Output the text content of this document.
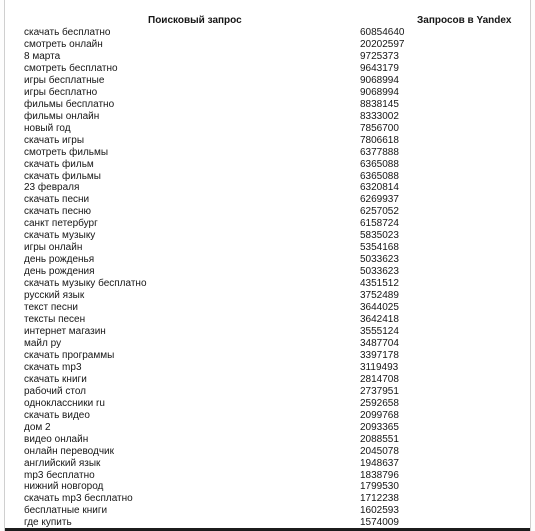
Поисковый запрос	Запросов в Yandex
скачать бесплатно	60854640
смотреть онлайн	20202597
8 марта	9725373
смотреть бесплатно	9643179
игры бесплатные	9068994
игры бесплатно	9068994
фильмы бесплатно	8838145
фильмы онлайн	8333002
новый год	7856700
скачать игры	7806618
смотреть фильмы	6377888
скачать фильм	6365088
скачать фильмы	6365088
23 февраля	6320814
скачать песни	6269937
скачать песню	6257052
санкт петербург	6158724
скачать музыку	5835023
игры онлайн	5354168
день рожденья	5033623
день рождения	5033623
скачать музыку бесплатно	4351512
русский язык	3752489
текст песни	3644025
тексты песен	3642418
интернет магазин	3555124
майл ру	3487704
скачать программы	3397178
скачать mp3	3119493
скачать книги	2814708
рабочий стол	2737951
одноклассники ru	2592658
скачать видео	2099768
дом 2	2093365
видео онлайн	2088551
онлайн переводчик	2045078
английский язык	1948637
mp3 бесплатно	1838796
нижний новгород	1799530
скачать mp3 бесплатно	1712238
бесплатные книги	1602593
где купить	1574009
